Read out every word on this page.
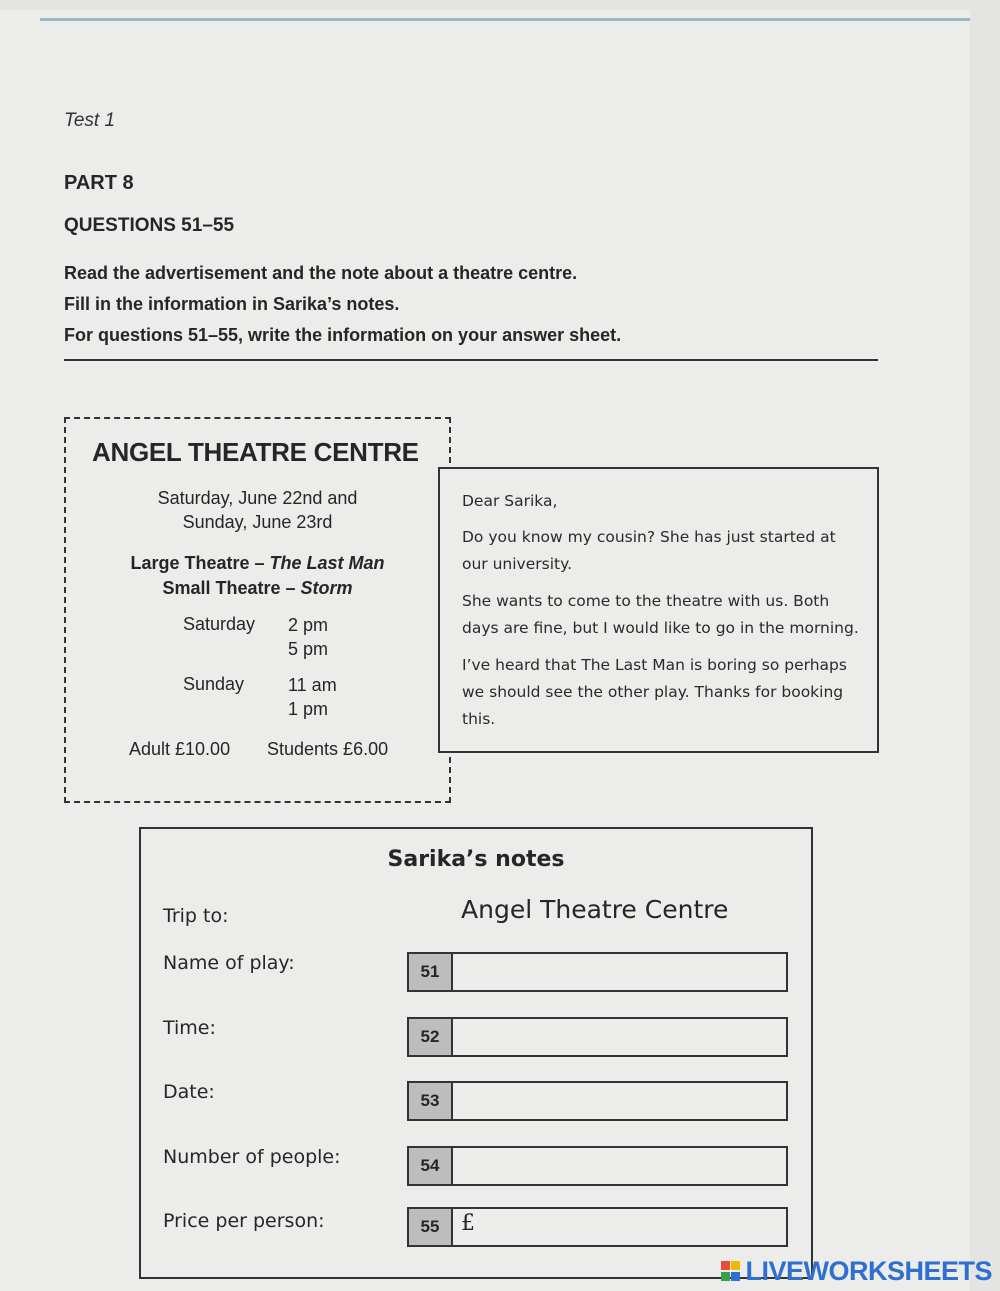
Test 1
PART 8
QUESTIONS 51–55
Read the advertisement and the note about a theatre centre.
Fill in the information in Sarika’s notes.
For questions 51–55, write the information on your answer sheet.
ANGEL THEATRE CENTRE
Saturday, June 22nd and
Sunday, June 23rd
Large Theatre – The Last Man
Small Theatre – Storm
Saturday 2 pm
5 pm
Sunday 11 am
1 pm
Adult £10.00 Students £6.00
Dear Sarika,
Do you know my cousin? She has just started at
our university.
She wants to come to the theatre with us. Both
days are fine, but I would like to go in the morning.
I’ve heard that The Last Man is boring so perhaps
we should see the other play. Thanks for booking
this.
Sarika’s notes
Trip to:	Angel Theatre Centre
Name of play:	51
Time:	52
Date:	53
Number of people:	54
Price per person:	55 £
LIVEWORKSHEETS
